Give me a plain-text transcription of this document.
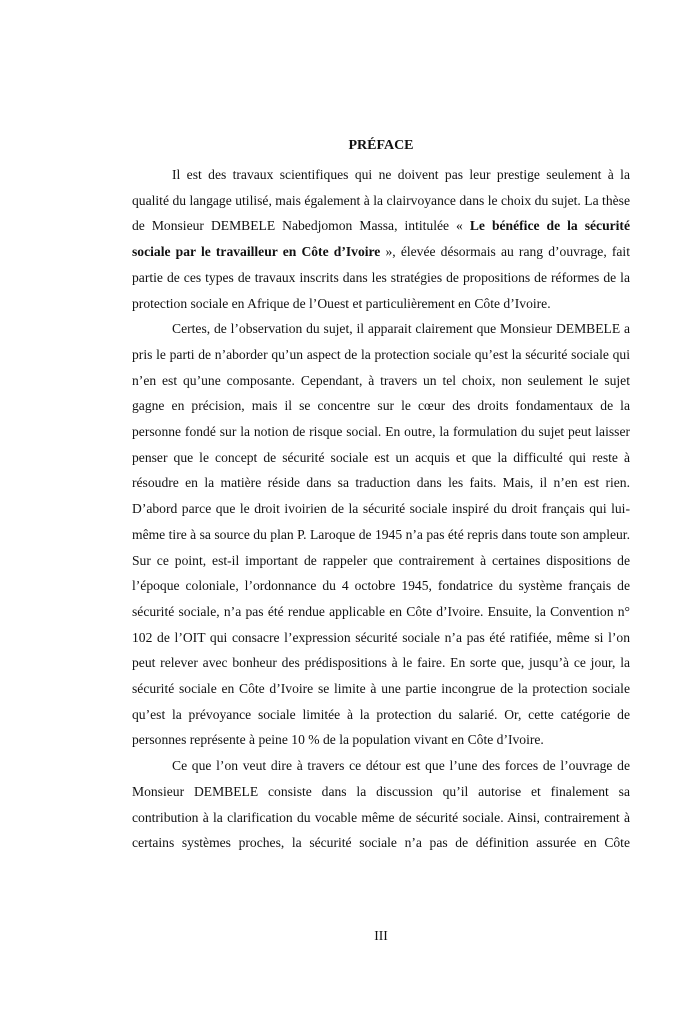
PRÉFACE

Il est des travaux scientifiques qui ne doivent pas leur prestige seulement à la qualité du langage utilisé, mais également à la clairvoyance dans le choix du sujet. La thèse de Monsieur DEMBELE Nabedjomon Massa, intitulée « Le bénéfice de la sécurité sociale par le travailleur en Côte d’Ivoire », élevée désormais au rang d’ouvrage, fait partie de ces types de travaux inscrits dans les stratégies de propositions de réformes de la protection sociale en Afrique de l’Ouest et particulièrement en Côte d’Ivoire.

Certes, de l’observation du sujet, il apparait clairement que Monsieur DEMBELE a pris le parti de n’aborder qu’un aspect de la protection sociale qu’est la sécurité sociale qui n’en est qu’une composante. Cependant, à travers un tel choix, non seulement le sujet gagne en précision, mais il se concentre sur le cœur des droits fondamentaux de la personne fondé sur la notion de risque social. En outre, la formulation du sujet peut laisser penser que le concept de sécurité sociale est un acquis et que la difficulté qui reste à résoudre en la matière réside dans sa traduction dans les faits. Mais, il n’en est rien. D’abord parce que le droit ivoirien de la sécurité sociale inspiré du droit français qui lui-même tire à sa source du plan P. Laroque de 1945 n’a pas été repris dans toute son ampleur. Sur ce point, est-il important de rappeler que contrairement à certaines dispositions de l’époque coloniale, l’ordonnance du 4 octobre 1945, fondatrice du système français de sécurité sociale, n’a pas été rendue applicable en Côte d’Ivoire. Ensuite, la Convention n° 102 de l’OIT qui consacre l’expression sécurité sociale n’a pas été ratifiée, même si l’on peut relever avec bonheur des prédispositions à le faire. En sorte que, jusqu’à ce jour, la sécurité sociale en Côte d’Ivoire se limite à une partie incongrue de la protection sociale qu’est la prévoyance sociale limitée à la protection du salarié. Or, cette catégorie de personnes représente à peine 10 % de la population vivant en Côte d’Ivoire.

Ce que l’on veut dire à travers ce détour est que l’une des forces de l’ouvrage de Monsieur DEMBELE consiste dans la discussion qu’il autorise et finalement sa contribution à la clarification du vocable même de sécurité sociale. Ainsi, contrairement à certains systèmes proches, la sécurité sociale n’a pas de définition assurée en Côte

III
